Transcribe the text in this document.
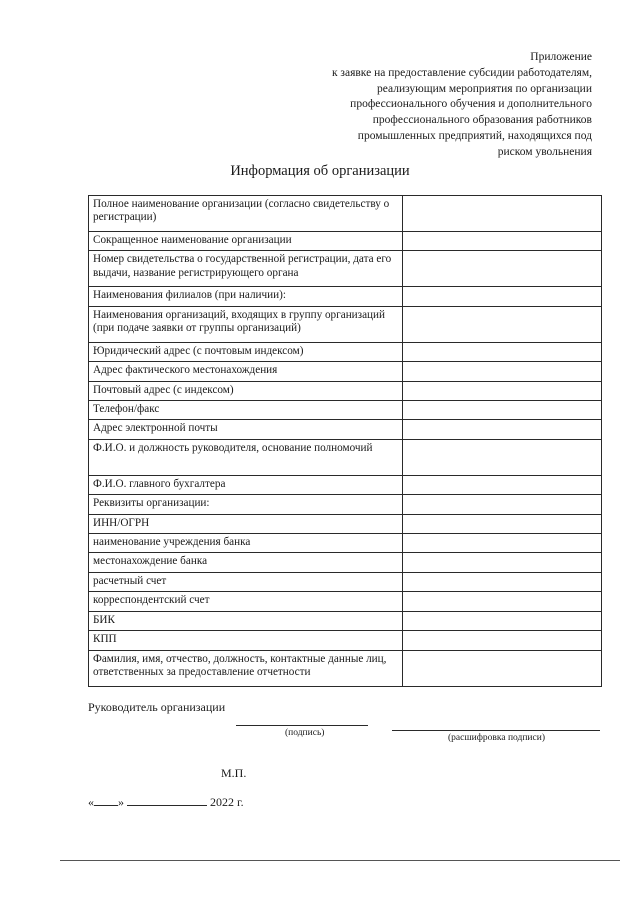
Приложение
к заявке на предоставление субсидии работодателям,
реализующим мероприятия по организации
профессионального обучения и дополнительного
профессионального образования работников
промышленных предприятий, находящихся под
риском увольнения
Информация об организации
Полное наименование организации (согласно свидетельству о регистрации)	
Сокращенное наименование организации	
Номер свидетельства о государственной регистрации, дата его выдачи, название регистрирующего органа	
Наименования филиалов (при наличии):	
Наименования организаций, входящих в группу организаций (при подаче заявки от группы организаций)	
Юридический адрес (с почтовым индексом)	
Адрес фактического местонахождения	
Почтовый адрес (с индексом)	
Телефон/факс	
Адрес электронной почты	
Ф.И.О. и должность руководителя, основание полномочий	
Ф.И.О. главного бухгалтера	
Реквизиты организации:	
ИНН/ОГРН	
наименование учреждения банка	
местонахождение банка	
расчетный счет	
корреспондентский счет	
БИК	
КПП	
Фамилия, имя, отчество, должность, контактные данные лиц, ответственных за предоставление отчетности	
Руководитель организации
(подпись)	(расшифровка подписи)
М.П.
« »	2022 г.
